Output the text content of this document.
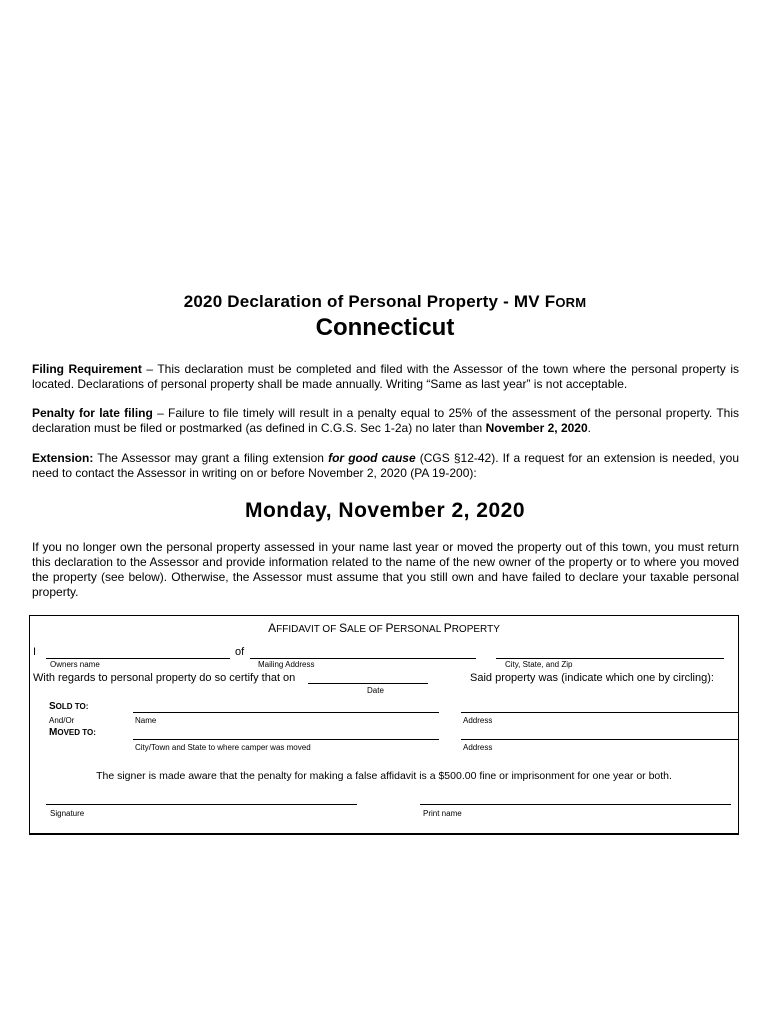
2020 Declaration of Personal Property - MV FORM
Connecticut

Filing Requirement – This declaration must be completed and filed with the Assessor of the town where the personal property is located. Declarations of personal property shall be made annually. Writing “Same as last year” is not acceptable.

Penalty for late filing – Failure to file timely will result in a penalty equal to 25% of the assessment of the personal property. This declaration must be filed or postmarked (as defined in C.G.S. Sec 1-2a) no later than November 2, 2020.

Extension: The Assessor may grant a filing extension for good cause (CGS §12-42). If a request for an extension is needed, you need to contact the Assessor in writing on or before November 2, 2020 (PA 19-200):

Monday, November 2, 2020

If you no longer own the personal property assessed in your name last year or moved the property out of this town, you must return this declaration to the Assessor and provide information related to the name of the new owner of the property or to where you moved the property (see below). Otherwise, the Assessor must assume that you still own and have failed to declare your taxable personal property.

AFFIDAVIT OF SALE OF PERSONAL PROPERTY
I	of
Owners name	Mailing Address	City, State, and Zip
With regards to personal property do so certify that on	Said property was (indicate which one by circling):
Date
SOLD TO:
And/Or	Name	Address
MOVED TO:
City/Town and State to where camper was moved	Address
The signer is made aware that the penalty for making a false affidavit is a $500.00 fine or imprisonment for one year or both.
Signature	Print name
